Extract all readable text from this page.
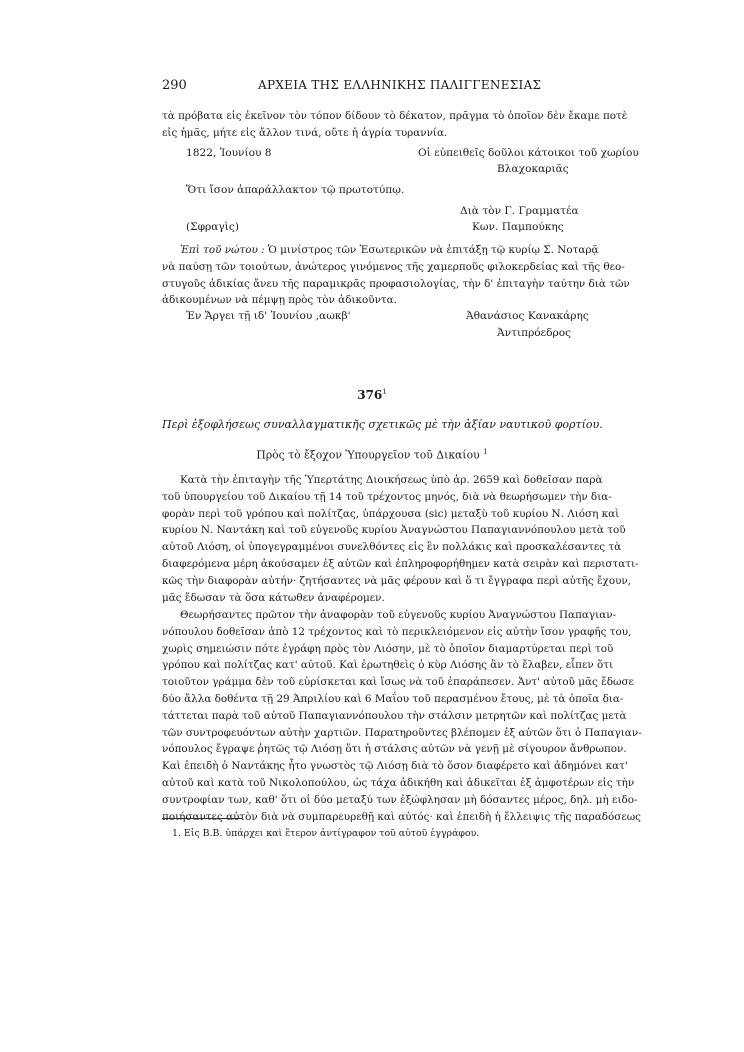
290	ΑΡΧΕΙΑ ΤΗΣ ΕΛΛΗΝΙΚΗΣ ΠΑΛΙΓΓΕΝΕΣΙΑΣ
τὰ πρόβατα εἰς ἐκεῖνον τὸν τόπον δίδουν τὸ δέκατον, πρᾶγμα τὸ ὁποῖον δὲν ἔκαμε ποτὲ
εἰς ἡμᾶς, μήτε εἰς ἄλλον τινά, οὔτε ἡ ἀγρία τυραννία.
1822, Ἰουνίου 8	Οἱ εὐπειθεῖς δοῦλοι κάτοικοι τοῦ χωρίου
Βλαχοκαριᾶς
Ὅτι ἴσον ἀπαράλλακτον τῷ πρωτοτύπῳ.
Διὰ τὸν Γ. Γραμματέα
(Σφραγὶς)	Κων. Παμπούκης
Ἐπὶ τοῦ νώτου : Ὁ μινίστρος τῶν Ἐσωτερικῶν νὰ ἐπιτάξῃ τῷ κυρίῳ Σ. Νοταρᾷ
νὰ παύσῃ τῶν τοιούτων, ἀνώτερος γινόμενος τῆς χαμερποῦς φιλοκερδείας καὶ τῆς θεο-
στυγοῦς ἀδικίας ἄνευ τῆς παραμικρᾶς προφασιολογίας, τὴν δ' ἐπιταγὴν ταύτην διὰ τῶν
ἀδικουμένων νὰ πέμψῃ πρὸς τὸν ἀδικοῦντα.
Ἐν Ἄργει τῇ ιδ' Ἰουνίου ,αωκβ'	Ἀθανάσιος Κανακάρης
Ἀντιπρόεδρος
$376^1$
Περὶ ἐξοφλήσεως συναλλαγματικῆς σχετικῶς μὲ τὴν ἀξίαν ναυτικοῦ φορτίου.
Πρὸς τὸ ἔξοχον Ὑπουργεῖον τοῦ Δικαίου $^1$
Κατὰ τὴν ἐπιταγὴν τῆς Ὑπερτάτης Διοικήσεως ὑπὸ ἀρ. 2659 καὶ δοθεῖσαν παρὰ
τοῦ ὑπουργείου τοῦ Δικαίου τῇ 14 τοῦ τρέχοντος μηνός, διὰ νὰ θεωρήσωμεν τὴν δια-
φορὰν περὶ τοῦ γρόπου καὶ πολίτζας, ὑπάρχουσα (sic) μεταξὺ τοῦ κυρίου Ν. Λιόση καὶ
κυρίου Ν. Ναντάκη καὶ τοῦ εὐγενοῦς κυρίου Ἀναγνώστου Παπαγιαννόπουλου μετὰ τοῦ
αὐτοῦ Λιόση, οἱ ὑπογεγραμμένοι συνελθόντες εἰς ἓν πολλάκις καὶ προσκαλέσαντες τὰ
διαφερόμενα μέρη ἀκούσαμεν ἐξ αὐτῶν καὶ ἐπληροφορήθημεν κατὰ σειρὰν καὶ περιστατι-
κῶς τὴν διαφορὰν αὐτήν· ζητήσαντες νὰ μᾶς φέρουν καὶ ὅ τι ἔγγραφα περὶ αὐτῆς ἔχουν,
μᾶς ἔδωσαν τὰ ὅσα κάτωθεν ἀναφέρομεν.
Θεωρήσαντες πρῶτον τὴν ἀναφορὰν τοῦ εὐγενοῦς κυρίου Ἀναγνώστου Παπαγιαν-
νόπουλου δοθεῖσαν ἀπὸ 12 τρέχοντος καὶ τὸ περικλειόμενον εἰς αὐτὴν ἴσον γραφῆς του,
χωρὶς σημειώσιν πότε ἐγράφη πρὸς τὸν Λιόσην, μὲ τὸ ὁποῖον διαμαρτύρεται περὶ τοῦ
γρόπου καὶ πολίτζας κατ' αὐτοῦ. Καὶ ἐρωτηθεὶς ὁ κὺρ Λιόσης ἂν τὸ ἔλαβεν, εἶπεν ὅτι
τοιοῦτον γράμμα δὲν τοῦ εὑρίσκεται καὶ ἴσως νὰ τοῦ ἐπαράπεσεν. Ἀντ' αὐτοῦ μᾶς ἔδωσε
δύο ἄλλα δοθέντα τῇ 29 Ἀπριλίου καὶ 6 Μαΐου τοῦ περασμένου ἔτους, μὲ τὰ ὁποῖα δια-
τάττεται παρὰ τοῦ αὐτοῦ Παπαγιαννόπουλου τὴν στάλσιν μετρητῶν καὶ πολίτζας μετὰ
τῶν συντροφευόντων αὐτὴν χαρτιῶν. Παρατηροῦντες βλέπομεν ἐξ αὐτῶν ὅτι ὁ Παπαγιαν-
νόπουλος ἔγραψε ῥητῶς τῷ Λιόσῃ ὅτι ἡ στάλσις αὐτῶν νὰ γενῇ μὲ σίγουρον ἄνθρωπον.
Καὶ ἐπειδὴ ὁ Ναντάκης ἦτο γνωστὸς τῷ Λιόσῃ διὰ τὸ ὅσον διαφέρετο καὶ ἀδημόνει κατ'
αὐτοῦ καὶ κατὰ τοῦ Νικολοπούλου, ὡς τάχα ἀδικήθη καὶ ἀδικεῖται ἐξ ἀμφοτέρων εἰς τὴν
συντροφίαν των, καθ' ὅτι οἱ δύο μεταξύ των ἐξώφλησαν μὴ δόσαντες μέρος, δηλ. μὴ ειδο-
ποιήσαντες αὐτὸν διὰ νὰ συμπαρευρεθῇ καὶ αὐτός· καὶ ἐπειδὴ ἡ ἔλλειψις τῆς παραδόσεως
1. Εἰς Β.Β. ὑπάρχει καὶ ἕτερον ἀντίγραφον τοῦ αὐτοῦ ἐγγράφου.
